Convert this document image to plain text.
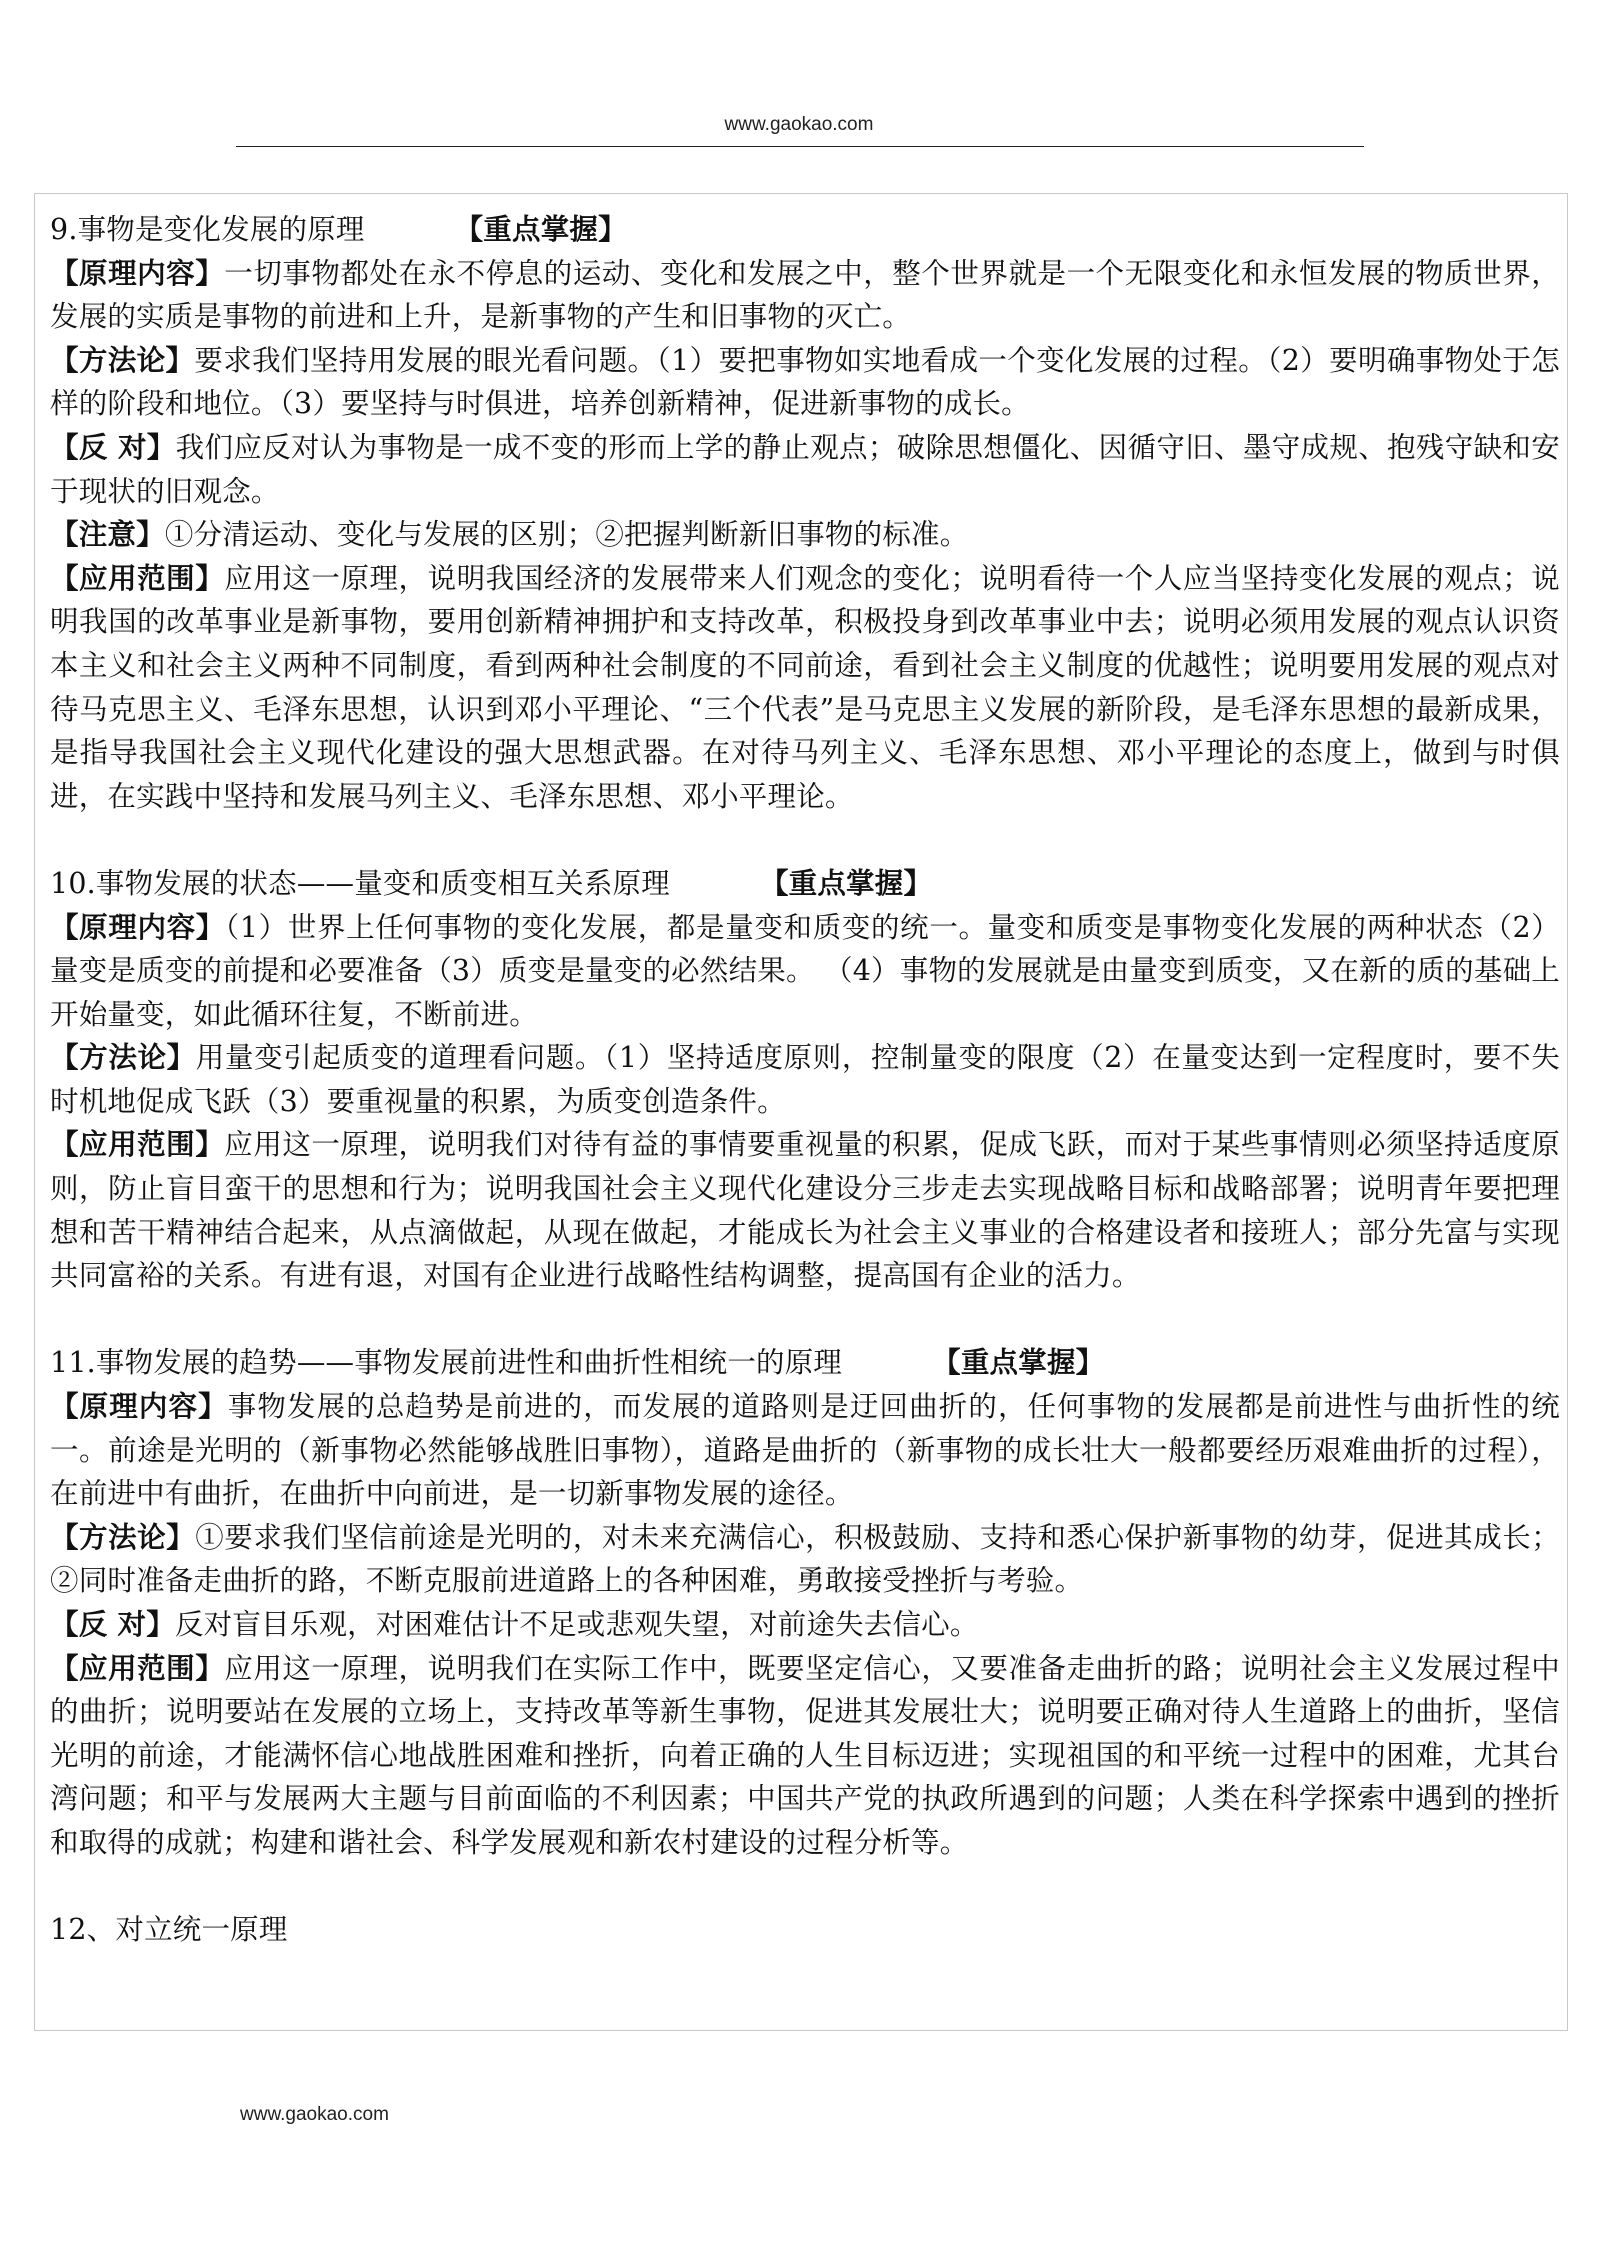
www.gaokao.com

9.事物是变化发展的原理	【重点掌握】

【原理内容】一切事物都处在永不停息的运动、变化和发展之中，整个世界就是一个无限变化和永恒发展的物质世界，发展的实质是事物的前进和上升，是新事物的产生和旧事物的灭亡。

【方法论】要求我们坚持用发展的眼光看问题。（1）要把事物如实地看成一个变化发展的过程。（2）要明确事物处于怎样的阶段和地位。（3）要坚持与时俱进，培养创新精神，促进新事物的成长。

【反 对】我们应反对认为事物是一成不变的形而上学的静止观点；破除思想僵化、因循守旧、墨守成规、抱残守缺和安于现状的旧观念。

【注意】①分清运动、变化与发展的区别；②把握判断新旧事物的标准。

【应用范围】应用这一原理，说明我国经济的发展带来人们观念的变化；说明看待一个人应当坚持变化发展的观点；说明我国的改革事业是新事物，要用创新精神拥护和支持改革，积极投身到改革事业中去；说明必须用发展的观点认识资本主义和社会主义两种不同制度，看到两种社会制度的不同前途，看到社会主义制度的优越性；说明要用发展的观点对待马克思主义、毛泽东思想，认识到邓小平理论、“三个代表”是马克思主义发展的新阶段，是毛泽东思想的最新成果，是指导我国社会主义现代化建设的强大思想武器。在对待马列主义、毛泽东思想、邓小平理论的态度上，做到与时俱进，在实践中坚持和发展马列主义、毛泽东思想、邓小平理论。

10.事物发展的状态——量变和质变相互关系原理	【重点掌握】

【原理内容】（1）世界上任何事物的变化发展，都是量变和质变的统一。量变和质变是事物变化发展的两种状态（2）量变是质变的前提和必要准备（3）质变是量变的必然结果。 （4）事物的发展就是由量变到质变，又在新的质的基础上开始量变，如此循环往复，不断前进。

【方法论】用量变引起质变的道理看问题。（1）坚持适度原则，控制量变的限度（2）在量变达到一定程度时，要不失时机地促成飞跃（3）要重视量的积累，为质变创造条件。

【应用范围】应用这一原理，说明我们对待有益的事情要重视量的积累，促成飞跃，而对于某些事情则必须坚持适度原则，防止盲目蛮干的思想和行为；说明我国社会主义现代化建设分三步走去实现战略目标和战略部署；说明青年要把理想和苦干精神结合起来，从点滴做起，从现在做起，才能成长为社会主义事业的合格建设者和接班人；部分先富与实现共同富裕的关系。有进有退，对国有企业进行战略性结构调整，提高国有企业的活力。

11.事物发展的趋势——事物发展前进性和曲折性相统一的原理	【重点掌握】

【原理内容】事物发展的总趋势是前进的，而发展的道路则是迂回曲折的，任何事物的发展都是前进性与曲折性的统一。前途是光明的（新事物必然能够战胜旧事物），道路是曲折的（新事物的成长壮大一般都要经历艰难曲折的过程），在前进中有曲折，在曲折中向前进，是一切新事物发展的途径。

【方法论】①要求我们坚信前途是光明的，对未来充满信心，积极鼓励、支持和悉心保护新事物的幼芽，促进其成长；②同时准备走曲折的路，不断克服前进道路上的各种困难，勇敢接受挫折与考验。

【反 对】反对盲目乐观，对困难估计不足或悲观失望，对前途失去信心。

【应用范围】应用这一原理，说明我们在实际工作中，既要坚定信心，又要准备走曲折的路；说明社会主义发展过程中的曲折；说明要站在发展的立场上，支持改革等新生事物，促进其发展壮大；说明要正确对待人生道路上的曲折，坚信光明的前途，才能满怀信心地战胜困难和挫折，向着正确的人生目标迈进；实现祖国的和平统一过程中的困难，尤其台湾问题；和平与发展两大主题与目前面临的不利因素；中国共产党的执政所遇到的问题；人类在科学探索中遇到的挫折和取得的成就；构建和谐社会、科学发展观和新农村建设的过程分析等。

12、对立统一原理

www.gaokao.com
